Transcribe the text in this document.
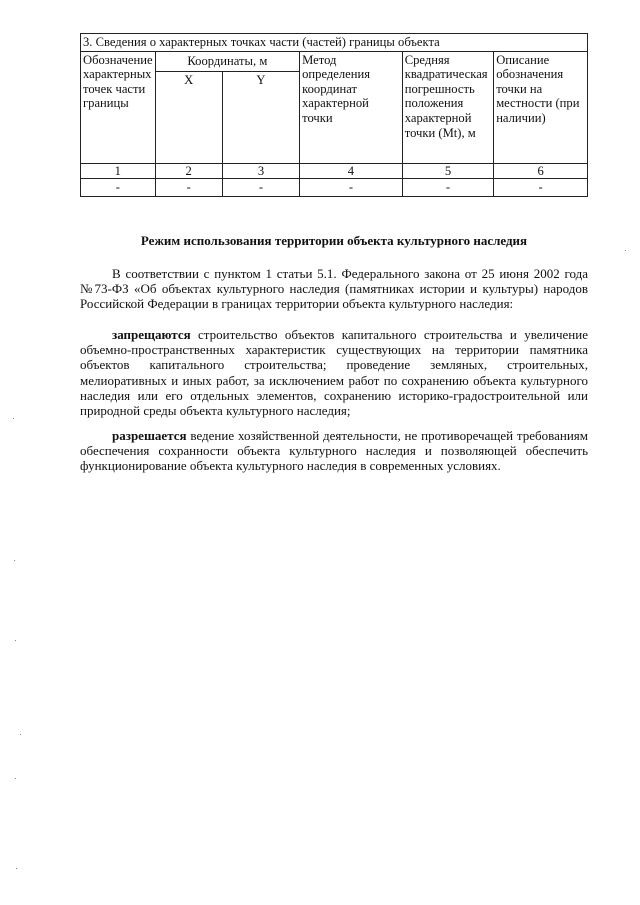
3. Сведения о характерных точках части (частей) границы объекта					
Обозначение характерных точек части границы	Координаты, м		Метод определения координат характерной точки	Средняя квадратическая погрешность положения характерной точки (Mt), м	Описание обозначения точки на местности (при наличии)
	X	Y			
1	2	3	4	5	6
-	-	-	-	-	-
Режим использования территории объекта культурного наследия

В соответствии с пунктом 1 статьи 5.1. Федерального закона от 25 июня 2002 года №73-ФЗ «Об объектах культурного наследия (памятниках истории и культуры) народов Российской Федерации в границах территории объекта культурного наследия:

запрещаются строительство объектов капитального строительства и увеличение объемно-пространственных характеристик существующих на территории памятника объектов капитального строительства; проведение земляных, строительных, мелиоративных и иных работ, за исключением работ по сохранению объекта культурного наследия или его отдельных элементов, сохранению историко-градостроительной или природной среды объекта культурного наследия;

разрешается ведение хозяйственной деятельности, не противоречащей требованиям обеспечения сохранности объекта культурного наследия и позволяющей обеспечить функционирование объекта культурного наследия в современных условиях.
